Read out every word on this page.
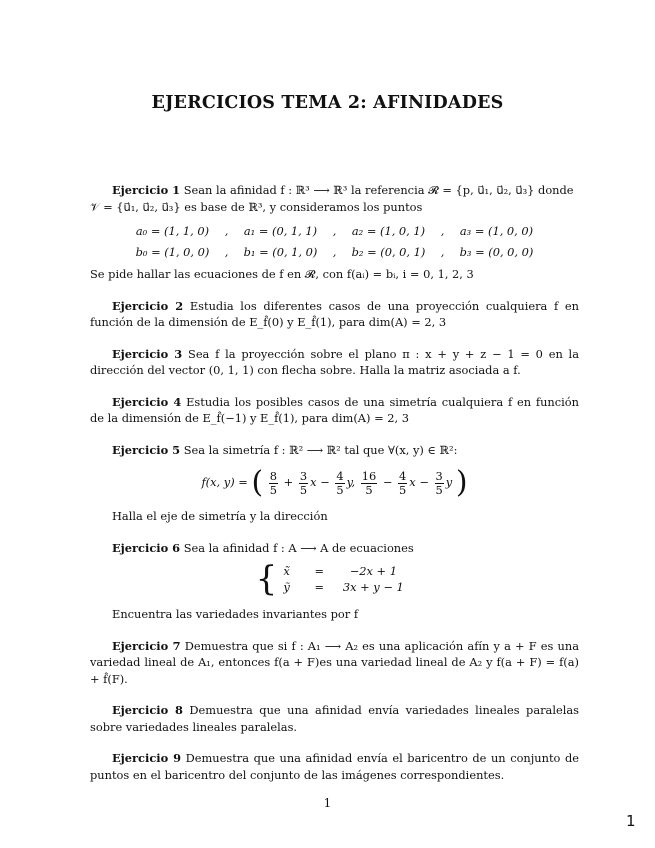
EJERCICIOS TEMA 2: AFINIDADES
Ejercicio 1 Sean la afinidad f : ℝ³ ⟶ ℝ³ la referencia 𝓡 = {p, u⃗₁, u⃗₂, u⃗₃} donde
𝒱 = {u⃗₁, u⃗₂, u⃗₃} es base de ℝ³, y consideramos los puntos
a₀ = (1, 1, 0)	,	a₁ = (0, 1, 1)	,	a₂ = (1, 0, 1)	,	a₃ = (1, 0, 0)
b₀ = (1, 0, 0)	,	b₁ = (0, 1, 0)	,	b₂ = (0, 0, 1)	,	b₃ = (0, 0, 0)
Se pide hallar las ecuaciones de f en 𝓡, con f(aᵢ) = bᵢ, i = 0, 1, 2, 3

Ejercicio 2 Estudia los diferentes casos de una proyección cualquiera f en función de la dimensión de E_f̂(0) y E_f̂(1), para dim(A) = 2, 3

Ejercicio 3 Sea f la proyección sobre el plano π : x + y + z − 1 = 0 en la dirección del vector (0, 1, 1) con flecha sobre. Halla la matriz asociada a f.

Ejercicio 4 Estudia los posibles casos de una simetría cualquiera f en función de la dimensión de E_f̂(−1) y E_f̂(1), para dim(A) = 2, 3

Ejercicio 5 Sea la simetría f : ℝ² ⟶ ℝ² tal que ∀(x, y) ∈ ℝ²:
f(x, y) = ( $\frac{8}{5} + \frac{3}{5}$ $x - \frac{4}{5} y$, $\frac{16}{5} - \frac{4}{5}$ $x - \frac{3}{5}$ y )
Halla el eje de simetría y la dirección
Ejercicio 6 Sea la afinidad f : A ⟶ A de ecuaciones
{ x̃	=	−2x + 1
ỹ	=	3x + y − 1
Encuentra las variedades invariantes por f

Ejercicio 7 Demuestra que si f : A₁ ⟶ A₂ es una aplicación afín y a + F es una variedad lineal de A₁, entonces f(a + F)es una variedad lineal de A₂ y f(a + F) = f(a) + f̂(F).

Ejercicio 8 Demuestra que una afinidad envía variedades lineales paralelas sobre variedades lineales paralelas.

Ejercicio 9 Demuestra que una afinidad envía el baricentro de un conjunto de puntos en el baricentro del conjunto de las imágenes correspondientes.

1
1
